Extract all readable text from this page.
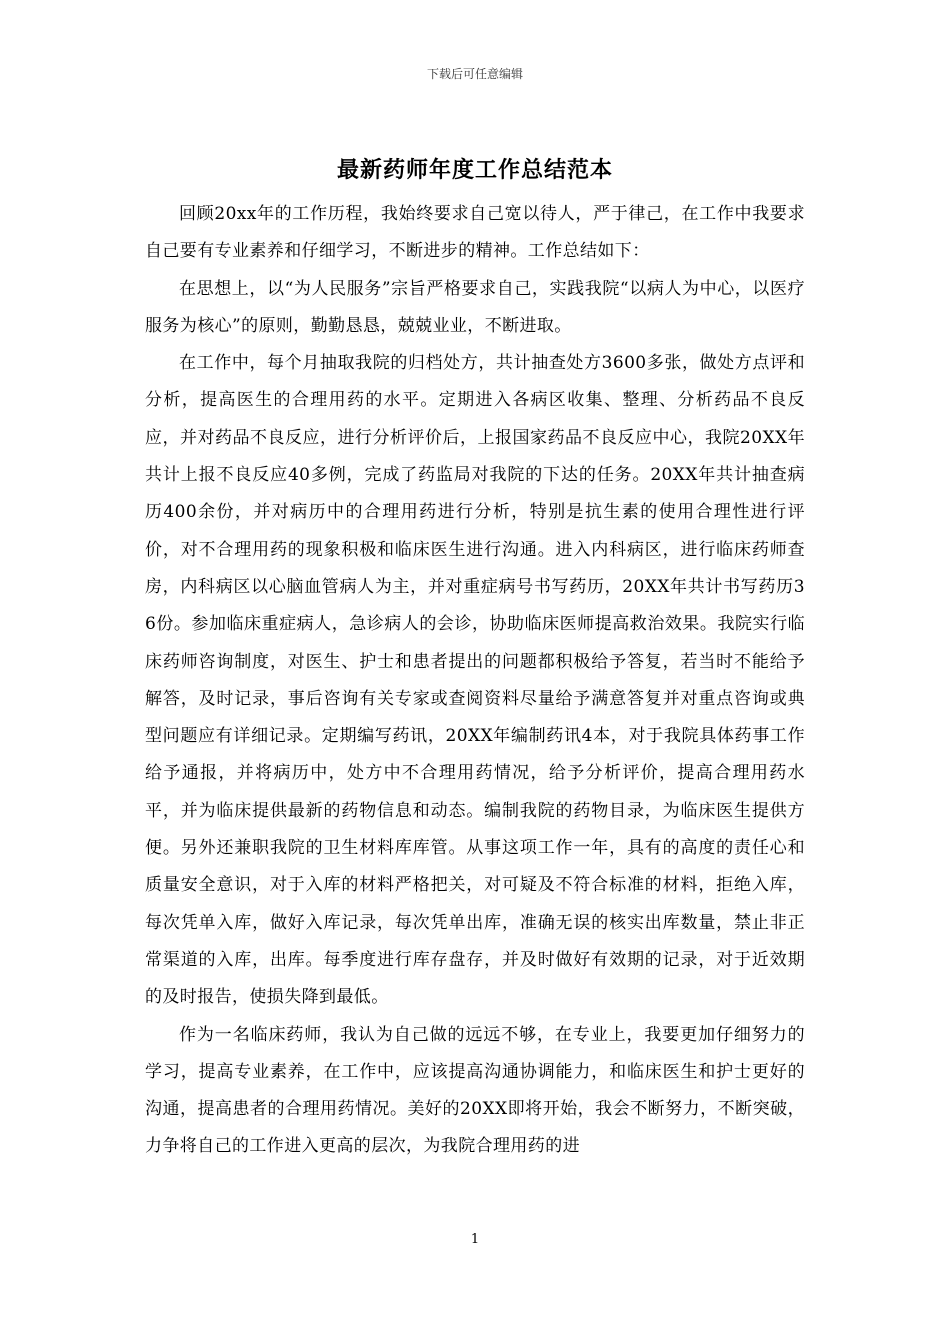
下载后可任意编辑
最新药师年度工作总结范本

回顾20xx年的工作历程，我始终要求自己宽以待人，严于律己，在工作中我要求自己要有专业素养和仔细学习，不断进步的精神。工作总结如下：

在思想上，以“为人民服务”宗旨严格要求自己，实践我院“以病人为中心，以医疗服务为核心”的原则，勤勤恳恳，兢兢业业，不断进取。

在工作中，每个月抽取我院的归档处方，共计抽查处方3600多张，做处方点评和分析，提高医生的合理用药的水平。定期进入各病区收集、整理、分析药品不良反应，并对药品不良反应，进行分析评价后，上报国家药品不良反应中心，我院20XX年共计上报不良反应40多例，完成了药监局对我院的下达的任务。20XX年共计抽查病历400余份，并对病历中的合理用药进行分析，特别是抗生素的使用合理性进行评价，对不合理用药的现象积极和临床医生进行沟通。进入内科病区，进行临床药师查房，内科病区以心脑血管病人为主，并对重症病号书写药历，20XX年共计书写药历36份。参加临床重症病人，急诊病人的会诊，协助临床医师提高救治效果。我院实行临床药师咨询制度，对医生、护士和患者提出的问题都积极给予答复，若当时不能给予解答，及时记录，事后咨询有关专家或查阅资料尽量给予满意答复并对重点咨询或典型问题应有详细记录。定期编写药讯，20XX年编制药讯4本，对于我院具体药事工作给予通报，并将病历中，处方中不合理用药情况，给予分析评价，提高合理用药水平，并为临床提供最新的药物信息和动态。编制我院的药物目录，为临床医生提供方便。另外还兼职我院的卫生材料库库管。从事这项工作一年，具有的高度的责任心和质量安全意识，对于入库的材料严格把关，对可疑及不符合标准的材料，拒绝入库，每次凭单入库，做好入库记录，每次凭单出库，准确无误的核实出库数量，禁止非正常渠道的入库，出库。每季度进行库存盘存，并及时做好有效期的记录，对于近效期的及时报告，使损失降到最低。

作为一名临床药师，我认为自己做的远远不够，在专业上，我要更加仔细努力的学习，提高专业素养，在工作中，应该提高沟通协调能力，和临床医生和护士更好的沟通，提高患者的合理用药情况。美好的20XX即将开始，我会不断努力，不断突破，力争将自己的工作进入更高的层次，为我院合理用药的进

1
